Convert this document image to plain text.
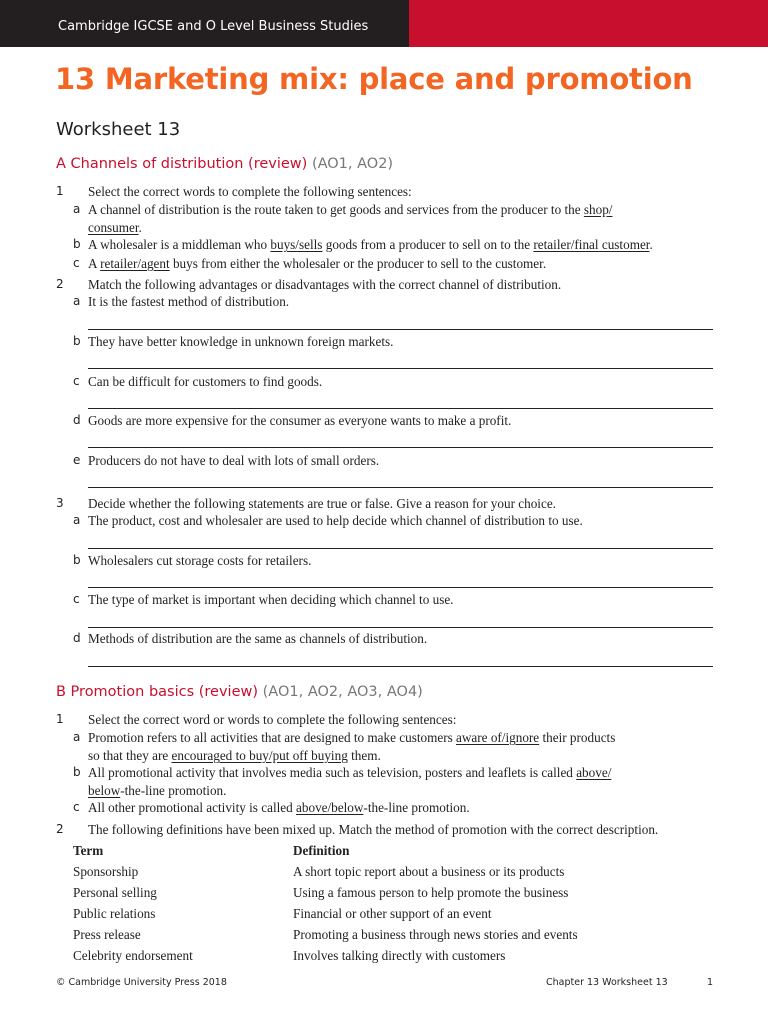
Cambridge IGCSE and O Level Business Studies
13 Marketing mix: place and promotion
Worksheet 13
A Channels of distribution (review) (AO1, AO2)
1 Select the correct words to complete the following sentences:
a A channel of distribution is the route taken to get goods and services from the producer to the shop/
consumer.
b A wholesaler is a middleman who buys/sells goods from a producer to sell on to the retailer/final customer.
c A retailer/agent buys from either the wholesaler or the producer to sell to the customer.
2 Match the following advantages or disadvantages with the correct channel of distribution.
a It is the fastest method of distribution.
b They have better knowledge in unknown foreign markets.
c Can be difficult for customers to find goods.
d Goods are more expensive for the consumer as everyone wants to make a profit.
e Producers do not have to deal with lots of small orders.
3 Decide whether the following statements are true or false. Give a reason for your choice.
a The product, cost and wholesaler are used to help decide which channel of distribution to use.
b Wholesalers cut storage costs for retailers.
c The type of market is important when deciding which channel to use.
d Methods of distribution are the same as channels of distribution.
B Promotion basics (review) (AO1, AO2, AO3, AO4)
1 Select the correct word or words to complete the following sentences:
a Promotion refers to all activities that are designed to make customers aware of/ignore their products
so that they are encouraged to buy/put off buying them.
b All promotional activity that involves media such as television, posters and leaflets is called above/
below-the-line promotion.
c All other promotional activity is called above/below-the-line promotion.
2 The following definitions have been mixed up. Match the method of promotion with the correct description.
Term	Definition
Sponsorship	A short topic report about a business or its products
Personal selling	Using a famous person to help promote the business
Public relations	Financial or other support of an event
Press release	Promoting a business through news stories and events
Celebrity endorsement	Involves talking directly with customers
© Cambridge University Press 2018	Chapter 13 Worksheet 13	1
